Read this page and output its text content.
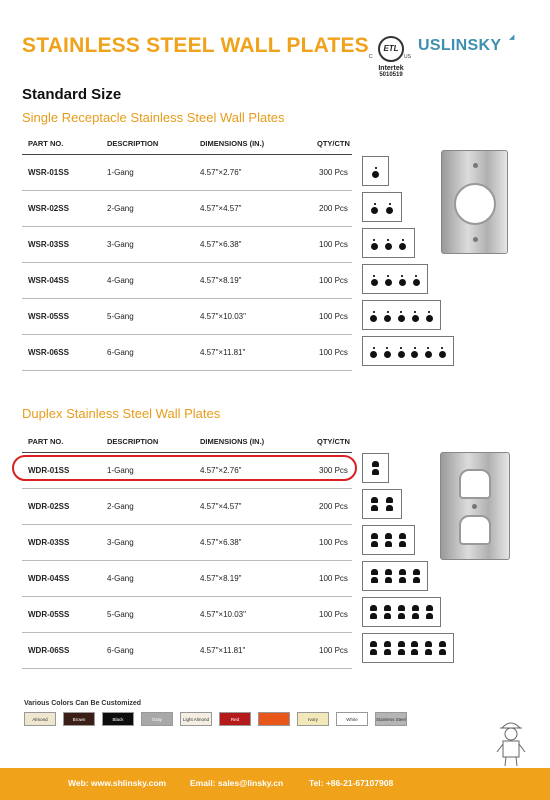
STAINLESS STEEL WALL PLATES C
ETL
US
Intertek
5010519
USLINSKY ◢
Standard Size
Single Receptacle Stainless Steel Wall Plates
Duplex Stainless Steel Wall Plates
PART NO.	DESCRIPTION	DIMENSIONS (IN.)	QTY/CTN
WSR-01SS	1-Gang	4.57"×2.76"	300 Pcs
WSR-02SS	2-Gang	4.57"×4.57"	200 Pcs
WSR-03SS	3-Gang	4.57"×6.38"	100 Pcs
WSR-04SS	4-Gang	4.57"×8.19"	100 Pcs
WSR-05SS	5-Gang	4.57"×10.03"	100 Pcs
WSR-06SS	6-Gang	4.57"×11.81"	100 Pcs
PART NO.	DESCRIPTION	DIMENSIONS (IN.)	QTY/CTN
WDR-01SS	1-Gang	4.57"×2.76"	300 Pcs
WDR-02SS	2-Gang	4.57"×4.57"	200 Pcs
WDR-03SS	3-Gang	4.57"×6.38"	100 Pcs
WDR-04SS	4-Gang	4.57"×8.19"	100 Pcs
WDR-05SS	5-Gang	4.57"×10.03"	100 Pcs
WDR-06SS	6-Gang	4.57"×11.81"	100 Pcs
Various Colors Can Be Customized
Almond	Brown	Black	Gray	Light Almond	Red	Ivory	White	Stainless Steel
Web: www.shlinsky.com	Email: sales@linsky.cn	Tel: +86-21-67107908
